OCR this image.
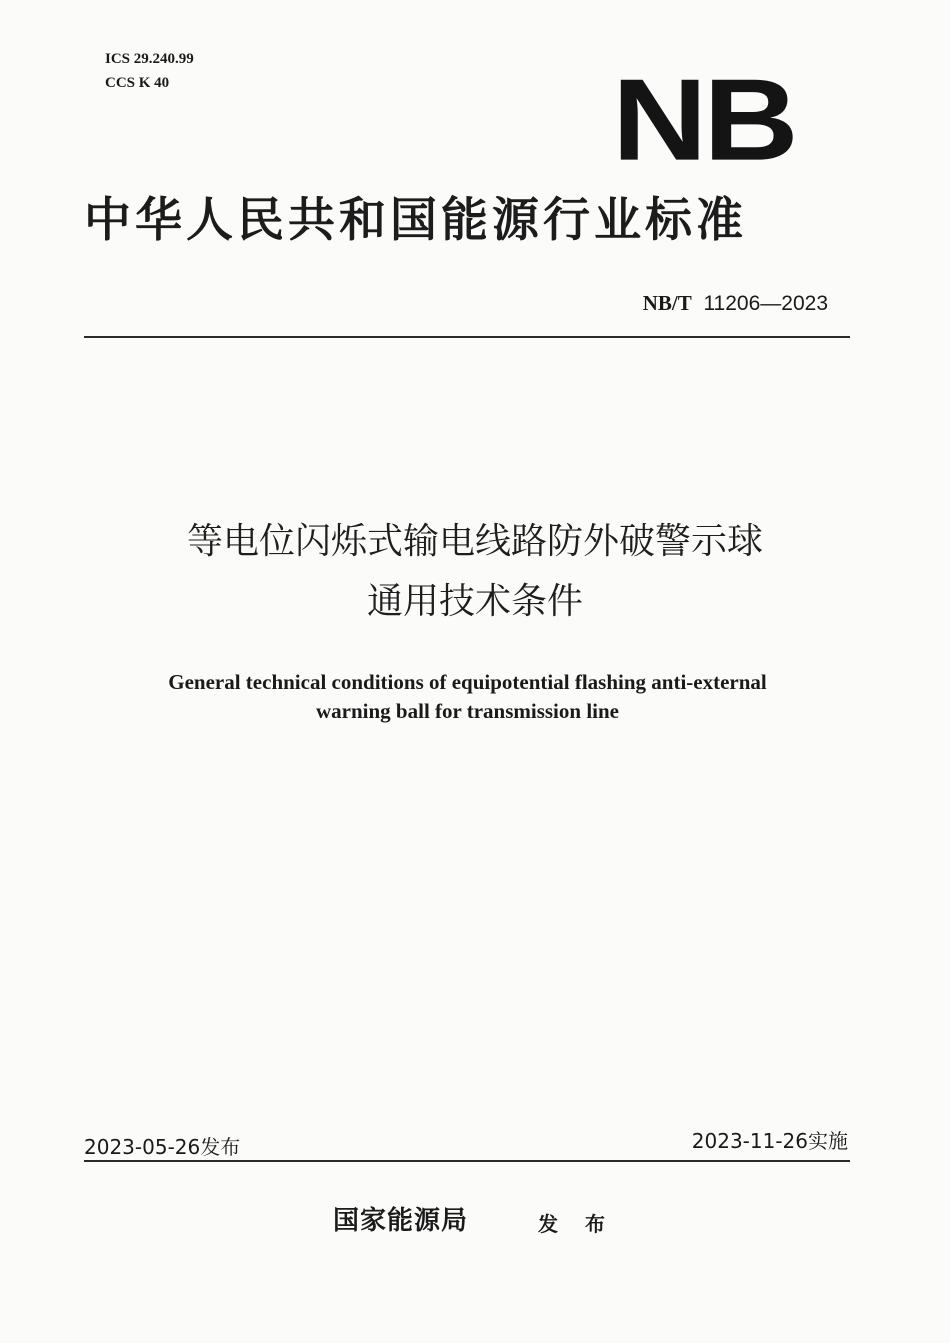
ICS 29.240.99
CCS K 40	NB
中华人民共和国能源行业标准
NB/T 11206—2023
等电位闪烁式输电线路防外破警示球
通用技术条件
General technical conditions of equipotential flashing anti-external
warning ball for transmission line
2023-05-26发布	2023-11-26实施
国家能源局	发 布
